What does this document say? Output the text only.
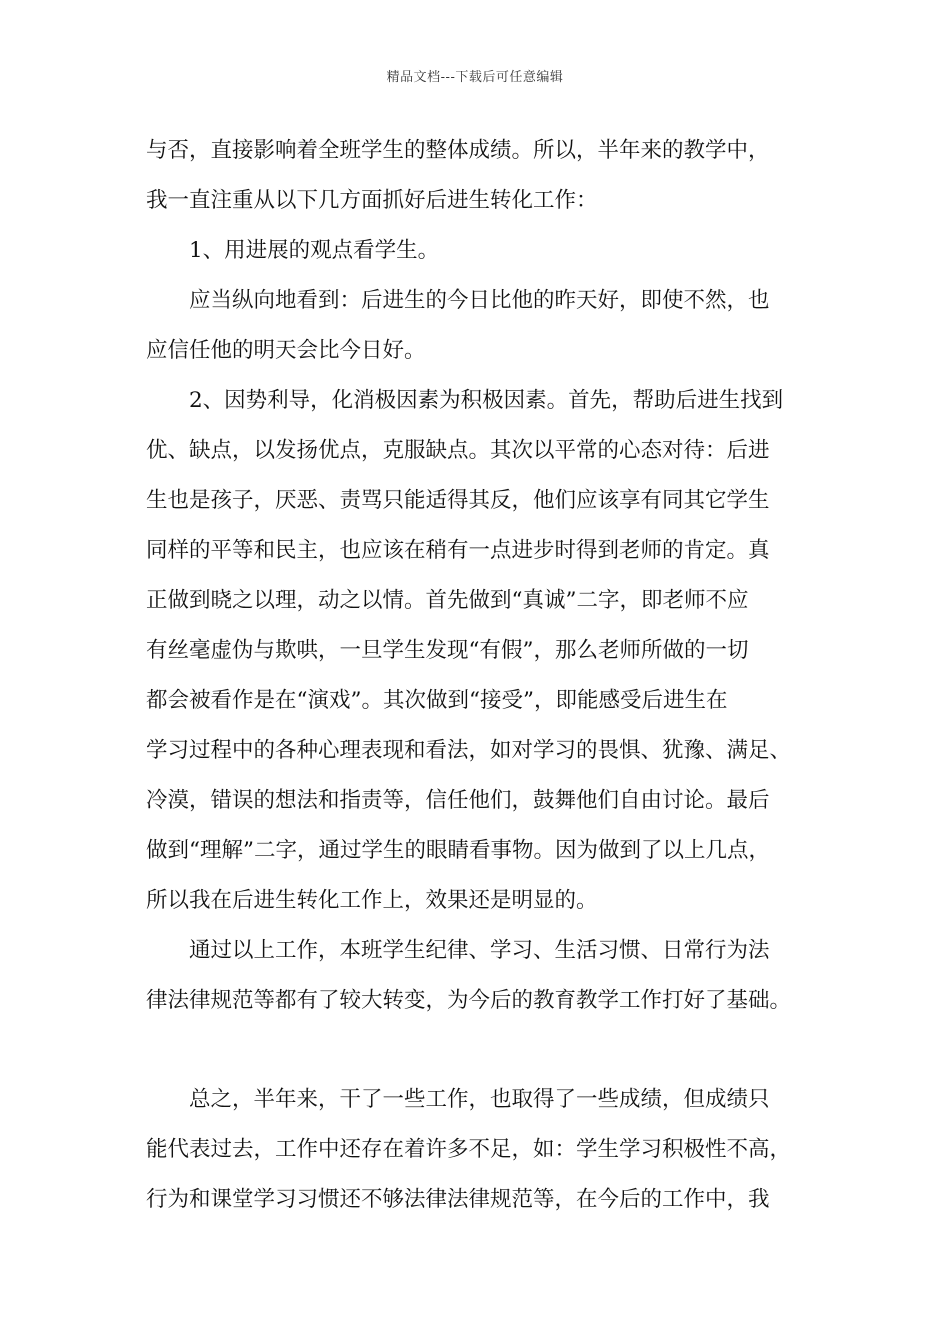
精品文档---下载后可任意编辑
与否，直接影响着全班学生的整体成绩。所以，半年来的教学中，
我一直注重从以下几方面抓好后进生转化工作：
1、用进展的观点看学生。
应当纵向地看到：后进生的今日比他的昨天好，即使不然，也
应信任他的明天会比今日好。
2、因势利导，化消极因素为积极因素。首先，帮助后进生找到
优、缺点，以发扬优点，克服缺点。其次以平常的心态对待：后进
生也是孩子，厌恶、责骂只能适得其反，他们应该享有同其它学生
同样的平等和民主，也应该在稍有一点进步时得到老师的肯定。真
正做到晓之以理，动之以情。首先做到“真诚”二字，即老师不应
有丝毫虚伪与欺哄，一旦学生发现“有假”，那么老师所做的一切
都会被看作是在“演戏”。其次做到“接受”，即能感受后进生在
学习过程中的各种心理表现和看法，如对学习的畏惧、犹豫、满足、
冷漠，错误的想法和指责等，信任他们，鼓舞他们自由讨论。最后
做到“理解”二字，通过学生的眼睛看事物。因为做到了以上几点，
所以我在后进生转化工作上，效果还是明显的。
通过以上工作，本班学生纪律、学习、生活习惯、日常行为法
律法律规范等都有了较大转变，为今后的教育教学工作打好了基础。
总之，半年来，干了一些工作，也取得了一些成绩，但成绩只
能代表过去，工作中还存在着许多不足，如：学生学习积极性不高，
行为和课堂学习习惯还不够法律法律规范等，在今后的工作中，我
